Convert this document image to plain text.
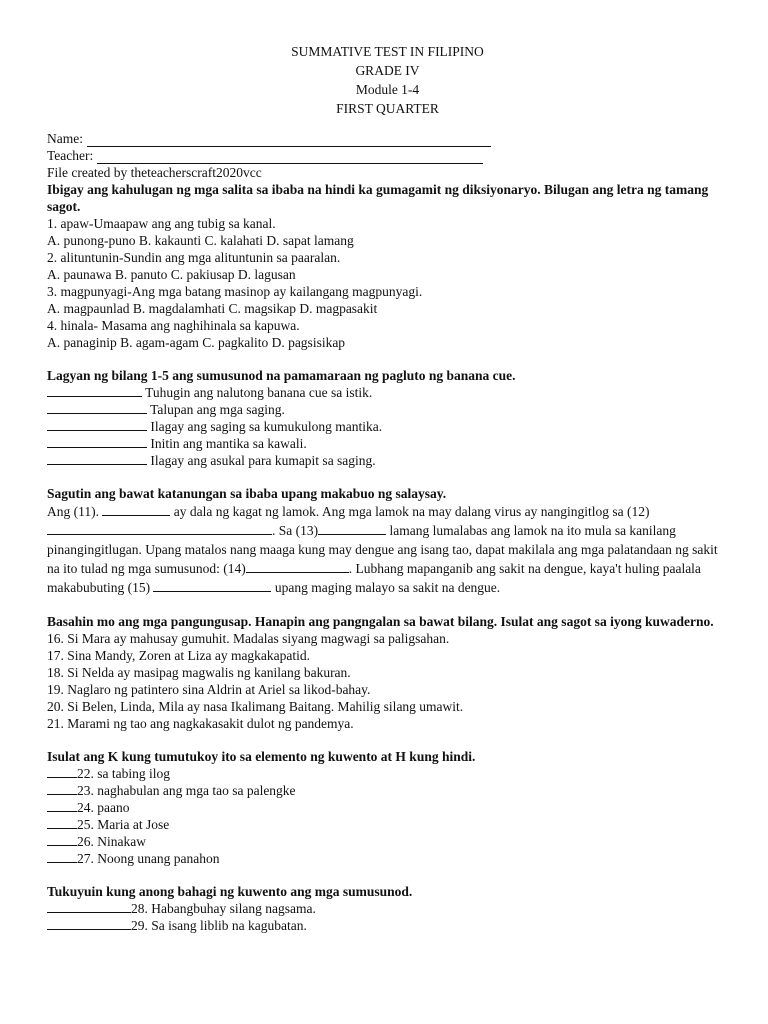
SUMMATIVE TEST IN FILIPINO
GRADE IV
Module 1-4
FIRST QUARTER
Name:
Teacher:
File created by theteacherscraft2020vcc
Ibigay ang kahulugan ng mga salita sa ibaba na hindi ka gumagamit ng diksiyonaryo. Bilugan ang letra ng tamang sagot.
1. apaw-Umaapaw ang ang tubig sa kanal.
A. punong-puno B. kakaunti C. kalahati D. sapat lamang
2. alituntunin-Sundin ang mga alituntunin sa paaralan.
A. paunawa B. panuto C. pakiusap D. lagusan
3. magpunyagi-Ang mga batang masinop ay kailangang magpunyagi.
A. magpaunlad B. magdalamhati C. magsikap D. magpasakit
4. hinala- Masama ang naghihinala sa kapuwa.
A. panaginip B. agam-agam C. pagkalito D. pagsisikap
Lagyan ng bilang 1-5 ang sumusunod na pamamaraan ng pagluto ng banana cue.
Tuhugin ang nalutong banana cue sa istik.
Talupan ang mga saging.
Ilagay ang saging sa kumukulong mantika.
Initin ang mantika sa kawali.
Ilagay ang asukal para kumapit sa saging.
Sagutin ang bawat katanungan sa ibaba upang makabuo ng salaysay.
Ang (11).	ay dala ng kagat ng lamok. Ang mga lamok na may dalang virus ay nangingitlog sa (12) . Sa (13)	lamang lumalabas ang lamok na ito mula sa kanilang pinangingitlugan. Upang matalos nang maaga kung may dengue ang isang tao, dapat makilala ang mga palatandaan ng sakit na ito tulad ng mga sumusunod: (14)	. Lubhang mapanganib ang sakit na dengue, kaya't huling paalala makabubuting (15)	upang maging malayo sa sakit na dengue.
Basahin mo ang mga pangungusap. Hanapin ang pangngalan sa bawat bilang. Isulat ang sagot sa iyong kuwaderno.
16. Si Mara ay mahusay gumuhit. Madalas siyang magwagi sa paligsahan.
17. Sina Mandy, Zoren at Liza ay magkakapatid.
18. Si Nelda ay masipag magwalis ng kanilang bakuran.
19. Naglaro ng patintero sina Aldrin at Ariel sa likod-bahay.
20. Si Belen, Linda, Mila ay nasa Ikalimang Baitang. Mahilig silang umawit.
21. Marami ng tao ang nagkakasakit dulot ng pandemya.
Isulat ang K kung tumutukoy ito sa elemento ng kuwento at H kung hindi.
22. sa tabing ilog
23. naghabulan ang mga tao sa palengke
24. paano
25. Maria at Jose
26. Ninakaw
27. Noong unang panahon
Tukuyuin kung anong bahagi ng kuwento ang mga sumusunod.
28. Habangbuhay silang nagsama.
29. Sa isang liblib na kagubatan.
